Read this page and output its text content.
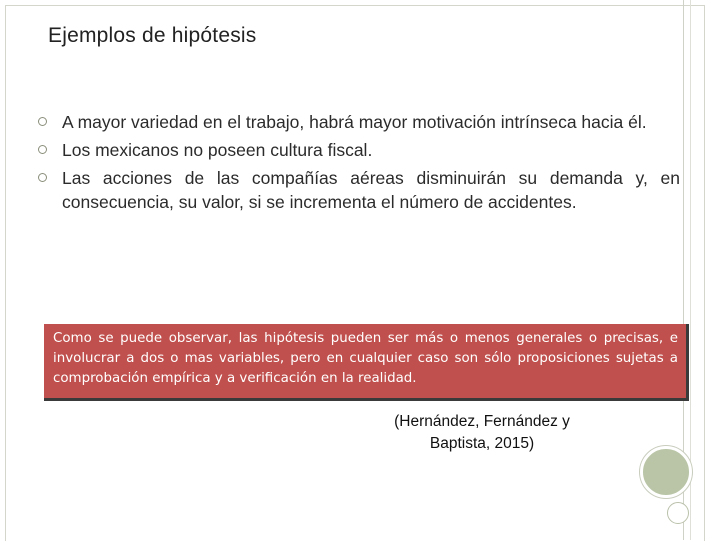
Ejemplos de hipótesis
A mayor variedad en el trabajo, habrá mayor motivación intrínseca hacia él.
Los mexicanos no poseen cultura fiscal.
Las acciones de las compañías aéreas disminuirán su demanda y, en consecuencia, su valor, si se incrementa el número de accidentes.
Como se puede observar, las hipótesis pueden ser más o menos generales o precisas, e involucrar a dos o mas variables, pero en cualquier caso son sólo proposiciones sujetas a comprobación empírica y a verificación en la realidad.
(Hernández, Fernández y
Baptista, 2015)
